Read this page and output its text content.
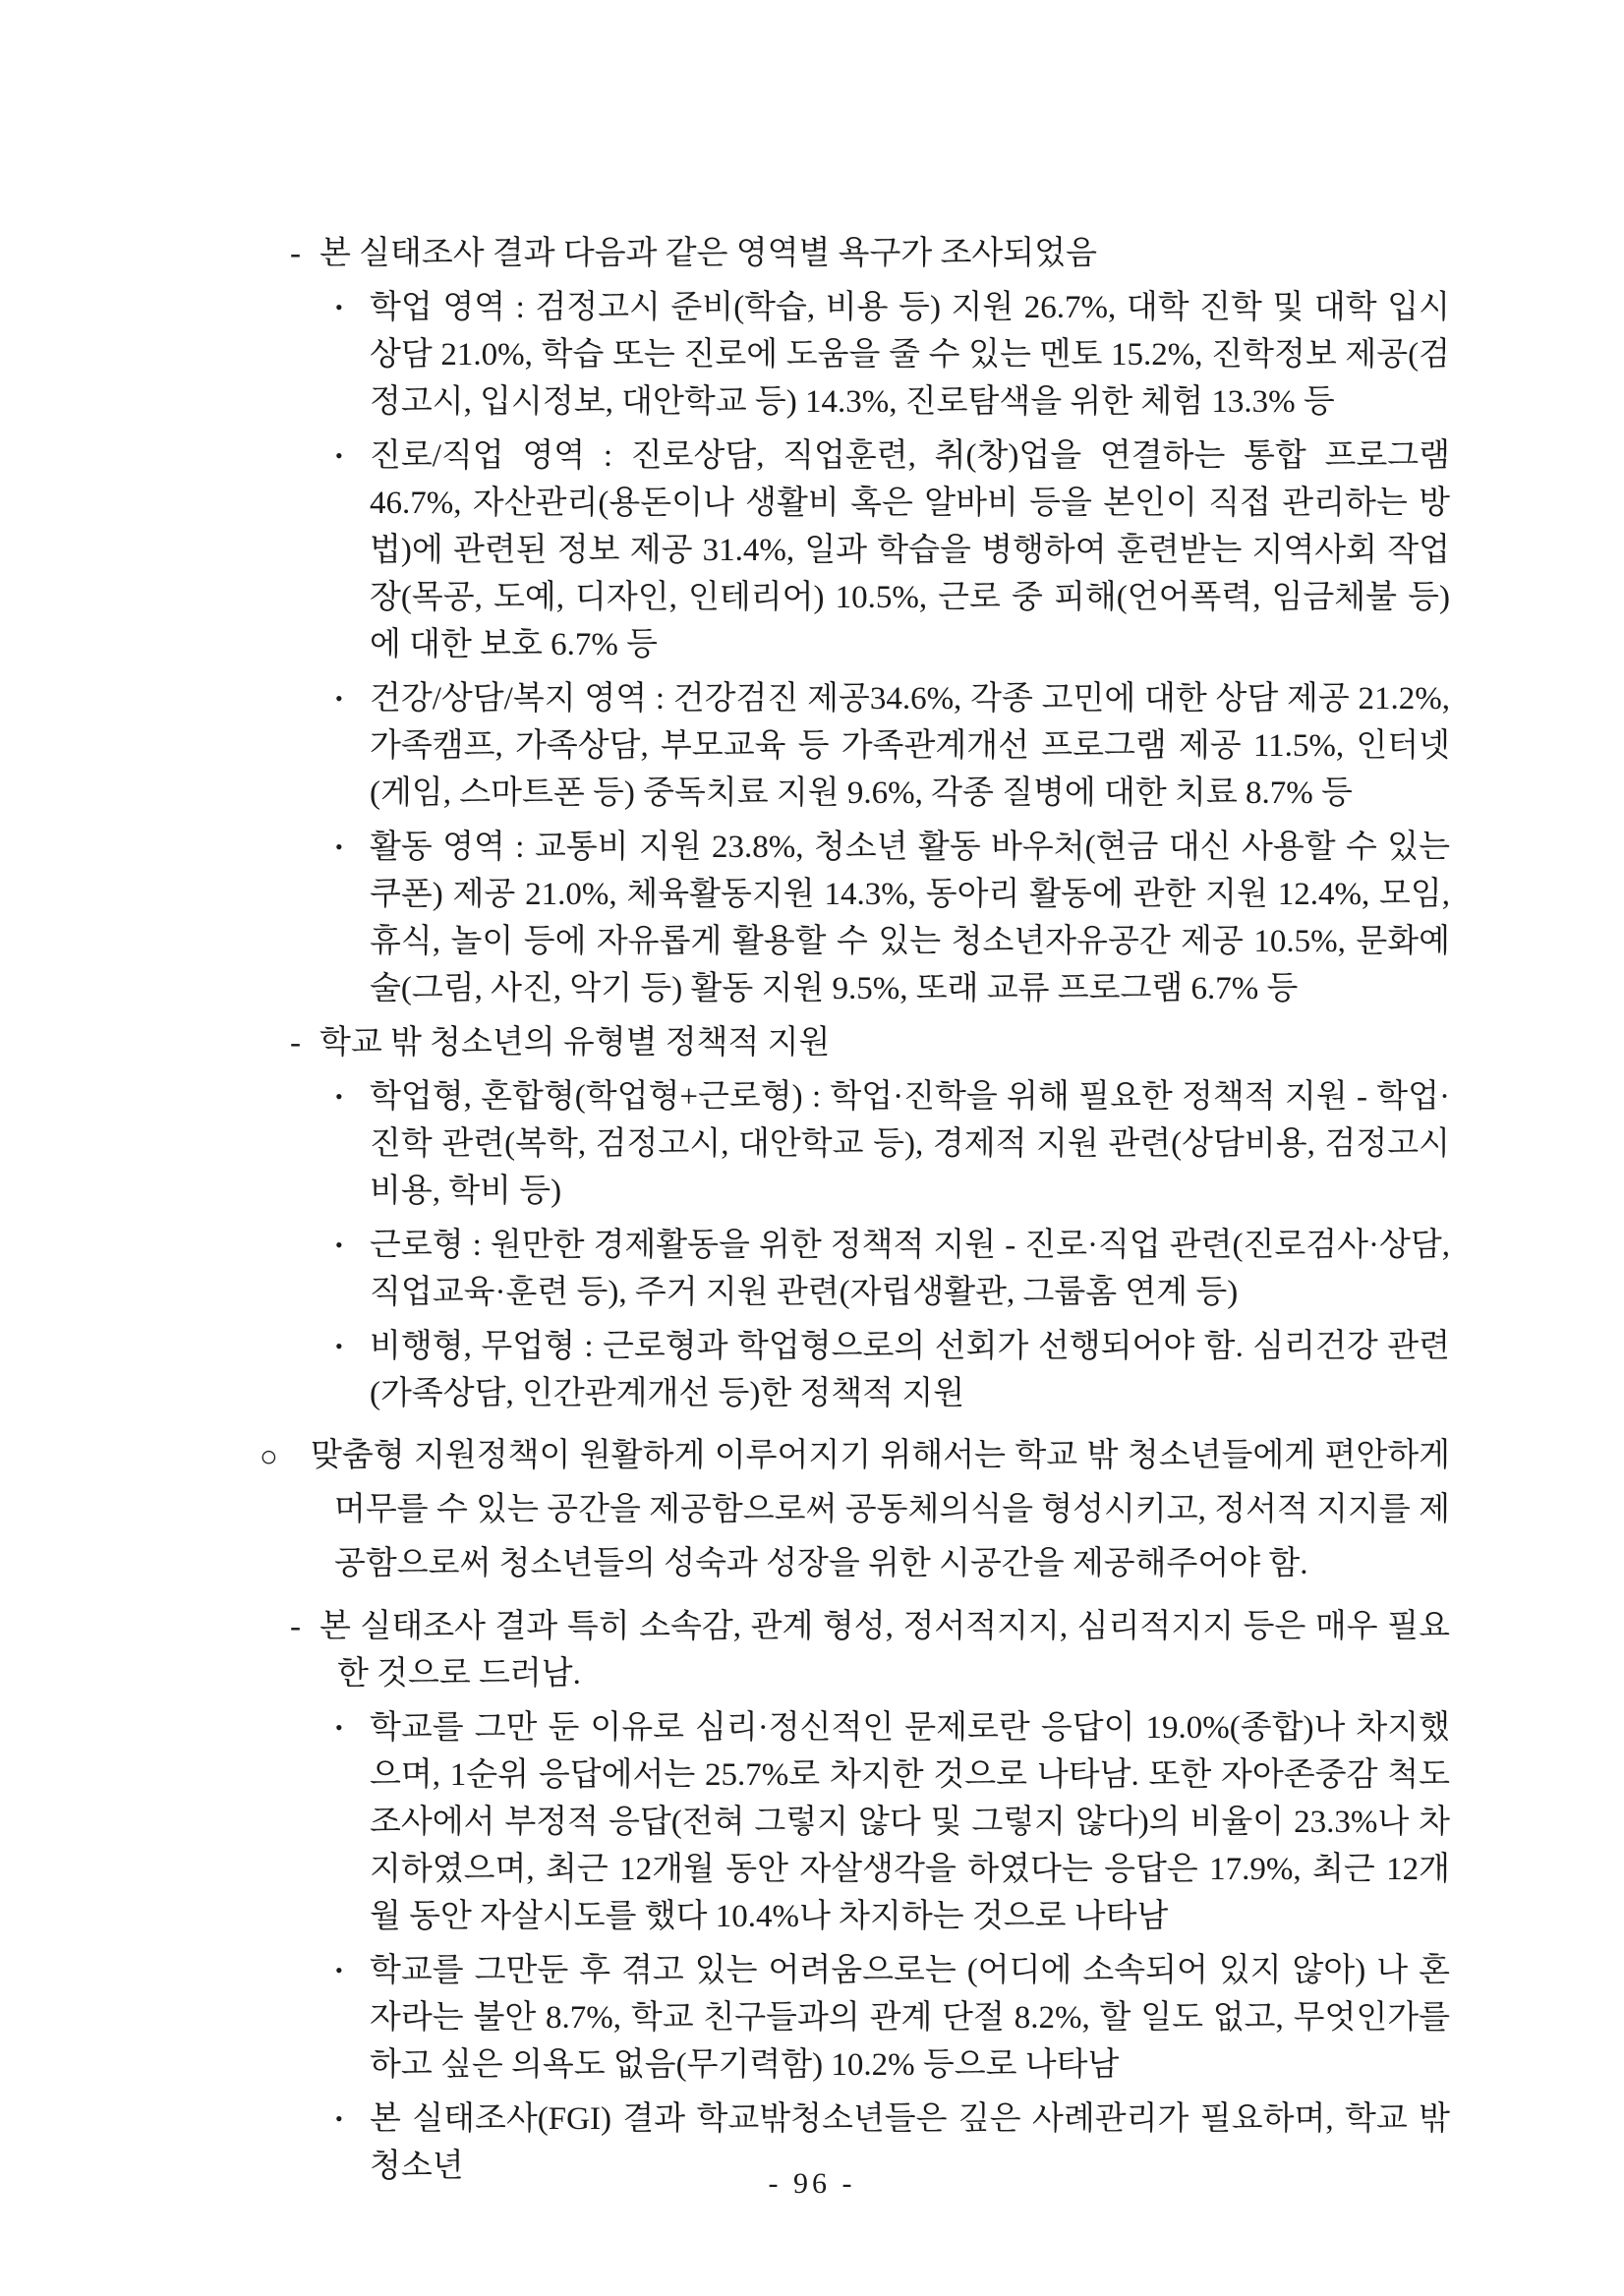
- 본 실태조사 결과 다음과 같은 영역별 욕구가 조사되었음
• 학업 영역 : 검정고시 준비(학습, 비용 등) 지원 26.7%, 대학 진학 및 대학 입시 상담 21.0%, 학습 또는 진로에 도움을 줄 수 있는 멘토 15.2%, 진학정보 제공(검정고시, 입시정보, 대안학교 등) 14.3%, 진로탐색을 위한 체험 13.3% 등
• 진로/직업 영역 : 진로상담, 직업훈련, 취(창)업을 연결하는 통합 프로그램 46.7%, 자산관리(용돈이나 생활비 혹은 알바비 등을 본인이 직접 관리하는 방법)에 관련된 정보 제공 31.4%, 일과 학습을 병행하여 훈련받는 지역사회 작업장(목공, 도예, 디자인, 인테리어) 10.5%, 근로 중 피해(언어폭력, 임금체불 등)에 대한 보호 6.7% 등
• 건강/상담/복지 영역 : 건강검진 제공34.6%, 각종 고민에 대한 상담 제공 21.2%, 가족캠프, 가족상담, 부모교육 등 가족관계개선 프로그램 제공 11.5%, 인터넷(게임, 스마트폰 등) 중독치료 지원 9.6%, 각종 질병에 대한 치료 8.7% 등
• 활동 영역 : 교통비 지원 23.8%, 청소년 활동 바우처(현금 대신 사용할 수 있는 쿠폰) 제공 21.0%, 체육활동지원 14.3%, 동아리 활동에 관한 지원 12.4%, 모임, 휴식, 놀이 등에 자유롭게 활용할 수 있는 청소년자유공간 제공 10.5%, 문화예술(그림, 사진, 악기 등) 활동 지원 9.5%, 또래 교류 프로그램 6.7% 등
- 학교 밖 청소년의 유형별 정책적 지원
• 학업형, 혼합형(학업형+근로형) : 학업·진학을 위해 필요한 정책적 지원 - 학업·진학 관련(복학, 검정고시, 대안학교 등), 경제적 지원 관련(상담비용, 검정고시비용, 학비 등)
• 근로형 : 원만한 경제활동을 위한 정책적 지원 - 진로·직업 관련(진로검사·상담, 직업교육·훈련 등), 주거 지원 관련(자립생활관, 그룹홈 연계 등)
• 비행형, 무업형 : 근로형과 학업형으로의 선회가 선행되어야 함. 심리건강 관련(가족상담, 인간관계개선 등)한 정책적 지원
○	맞춤형 지원정책이 원활하게 이루어지기 위해서는 학교 밖 청소년들에게 편안하게 머무를 수 있는 공간을 제공함으로써 공동체의식을 형성시키고, 정서적 지지를 제공함으로써 청소년들의 성숙과 성장을 위한 시공간을 제공해주어야 함.
- 본 실태조사 결과 특히 소속감, 관계 형성, 정서적지지, 심리적지지 등은 매우 필요한 것으로 드러남.
• 학교를 그만 둔 이유로 심리·정신적인 문제로란 응답이 19.0%(종합)나 차지했으며, 1순위 응답에서는 25.7%로 차지한 것으로 나타남. 또한 자아존중감 척도조사에서 부정적 응답(전혀 그렇지 않다 및 그렇지 않다)의 비율이 23.3%나 차지하였으며, 최근 12개월 동안 자살생각을 하였다는 응답은 17.9%, 최근 12개월 동안 자살시도를 했다 10.4%나 차지하는 것으로 나타남
• 학교를 그만둔 후 겪고 있는 어려움으로는 (어디에 소속되어 있지 않아) 나 혼자라는 불안 8.7%, 학교 친구들과의 관계 단절 8.2%, 할 일도 없고, 무엇인가를 하고 싶은 의욕도 없음(무기력함) 10.2% 등으로 나타남
• 본 실태조사(FGI) 결과 학교밖청소년들은 깊은 사례관리가 필요하며, 학교 밖 청소년	- 96 -
